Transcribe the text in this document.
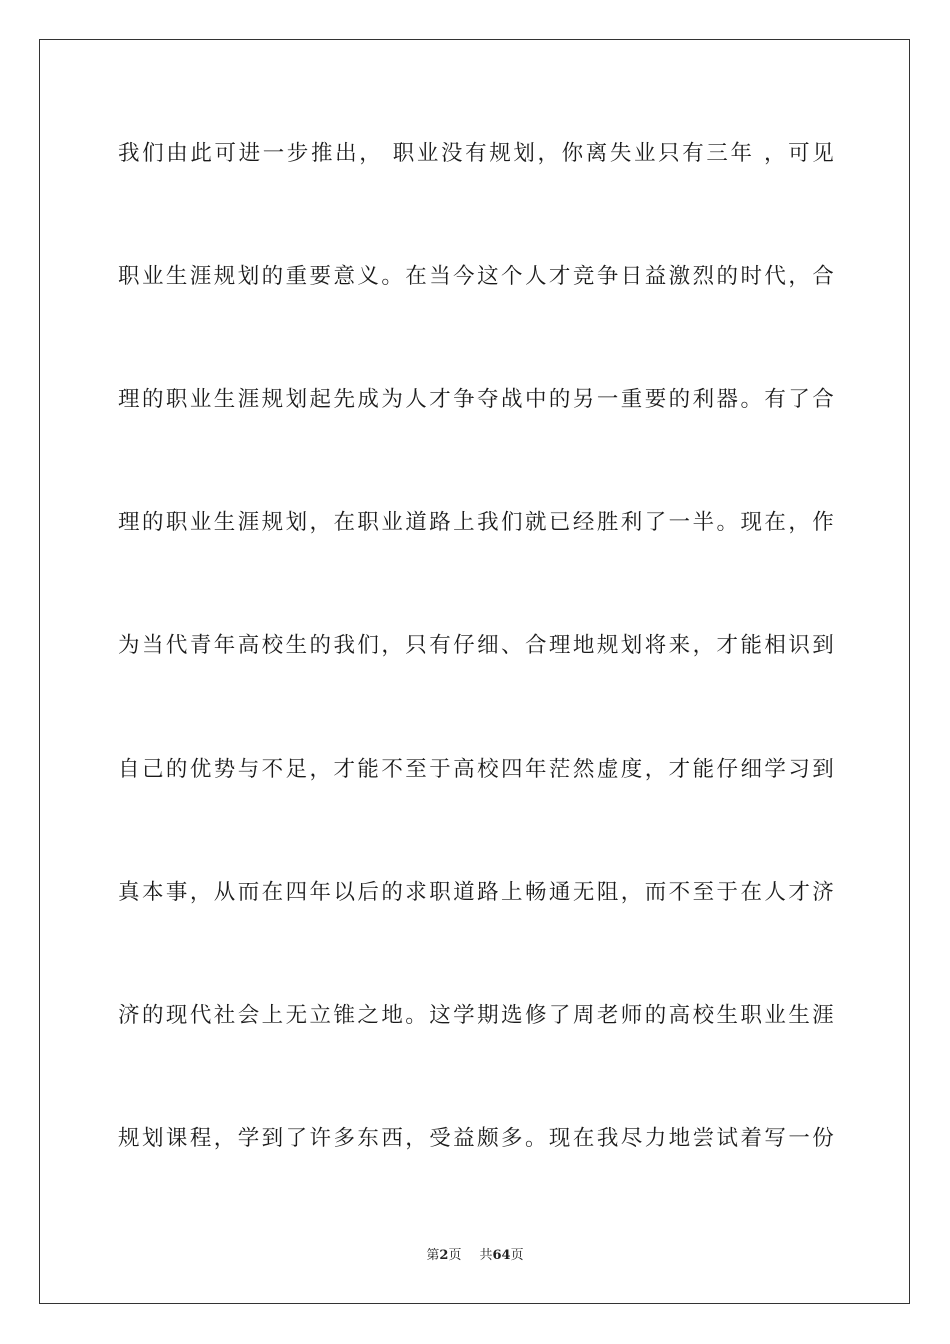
我们由此可进一步推出， 职业没有规划，你离失业只有三年 ，可见
职业生涯规划的重要意义。在当今这个人才竞争日益激烈的时代，合
理的职业生涯规划起先成为人才争夺战中的另一重要的利器。有了合
理的职业生涯规划，在职业道路上我们就已经胜利了一半。现在，作
为当代青年高校生的我们，只有仔细、合理地规划将来，才能相识到
自己的优势与不足，才能不至于高校四年茫然虚度，才能仔细学习到
真本事，从而在四年以后的求职道路上畅通无阻，而不至于在人才济
济的现代社会上无立锥之地。这学期选修了周老师的高校生职业生涯
规划课程，学到了许多东西，受益颇多。现在我尽力地尝试着写一份
第2页 共64页
